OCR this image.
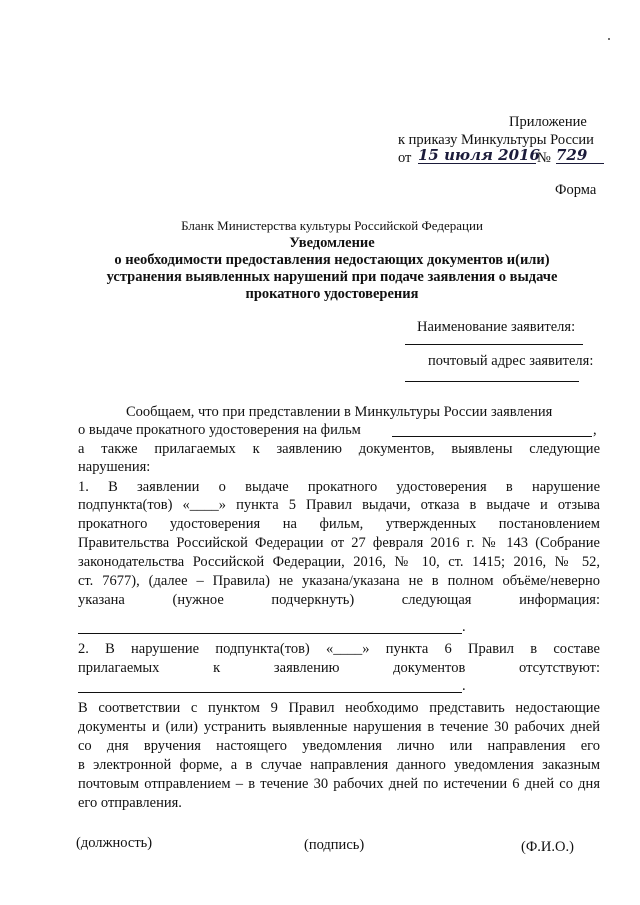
Приложение
к приказу Минкультуры России
от 15 июля 2016
№ 729
Форма
Бланк Министерства культуры Российской Федерации
Уведомление
о необходимости предоставления недостающих документов и(или)
устранения выявленных нарушений при подаче заявления о выдаче
прокатного удостоверения
Наименование заявителя:
почтовый адрес заявителя:
Сообщаем, что при представлении в Минкультуры России заявления
о выдаче прокатного удостоверения на фильм	,
а также прилагаемых к заявлению документов, выявлены следующие
нарушения:
1. В заявлении о выдаче прокатного удостоверения в нарушение
подпункта(тов) «____» пункта 5 Правил выдачи, отказа в выдаче и отзыва
прокатного удостоверения на фильм, утвержденных постановлением
Правительства Российской Федерации от 27 февраля 2016 г. № 143 (Собрание
законодательства Российской Федерации, 2016, № 10, ст. 1415; 2016, № 52,
ст. 7677), (далее – Правила) не указана/указана не в полном объёме/неверно
указана (нужное подчеркнуть) следующая информация:
.
2. В нарушение подпункта(тов) «____» пункта 6 Правил в составе
прилагаемых к заявлению документов отсутствуют:
.
В соответствии с пунктом 9 Правил необходимо представить недостающие
документы и (или) устранить выявленные нарушения в течение 30 рабочих дней
со дня вручения настоящего уведомления лично или направления его
в электронной форме, а в случае направления данного уведомления заказным
почтовым отправлением – в течение 30 рабочих дней по истечении 6 дней со дня
его отправления.
(должность)	(подпись)	(Ф.И.О.)
